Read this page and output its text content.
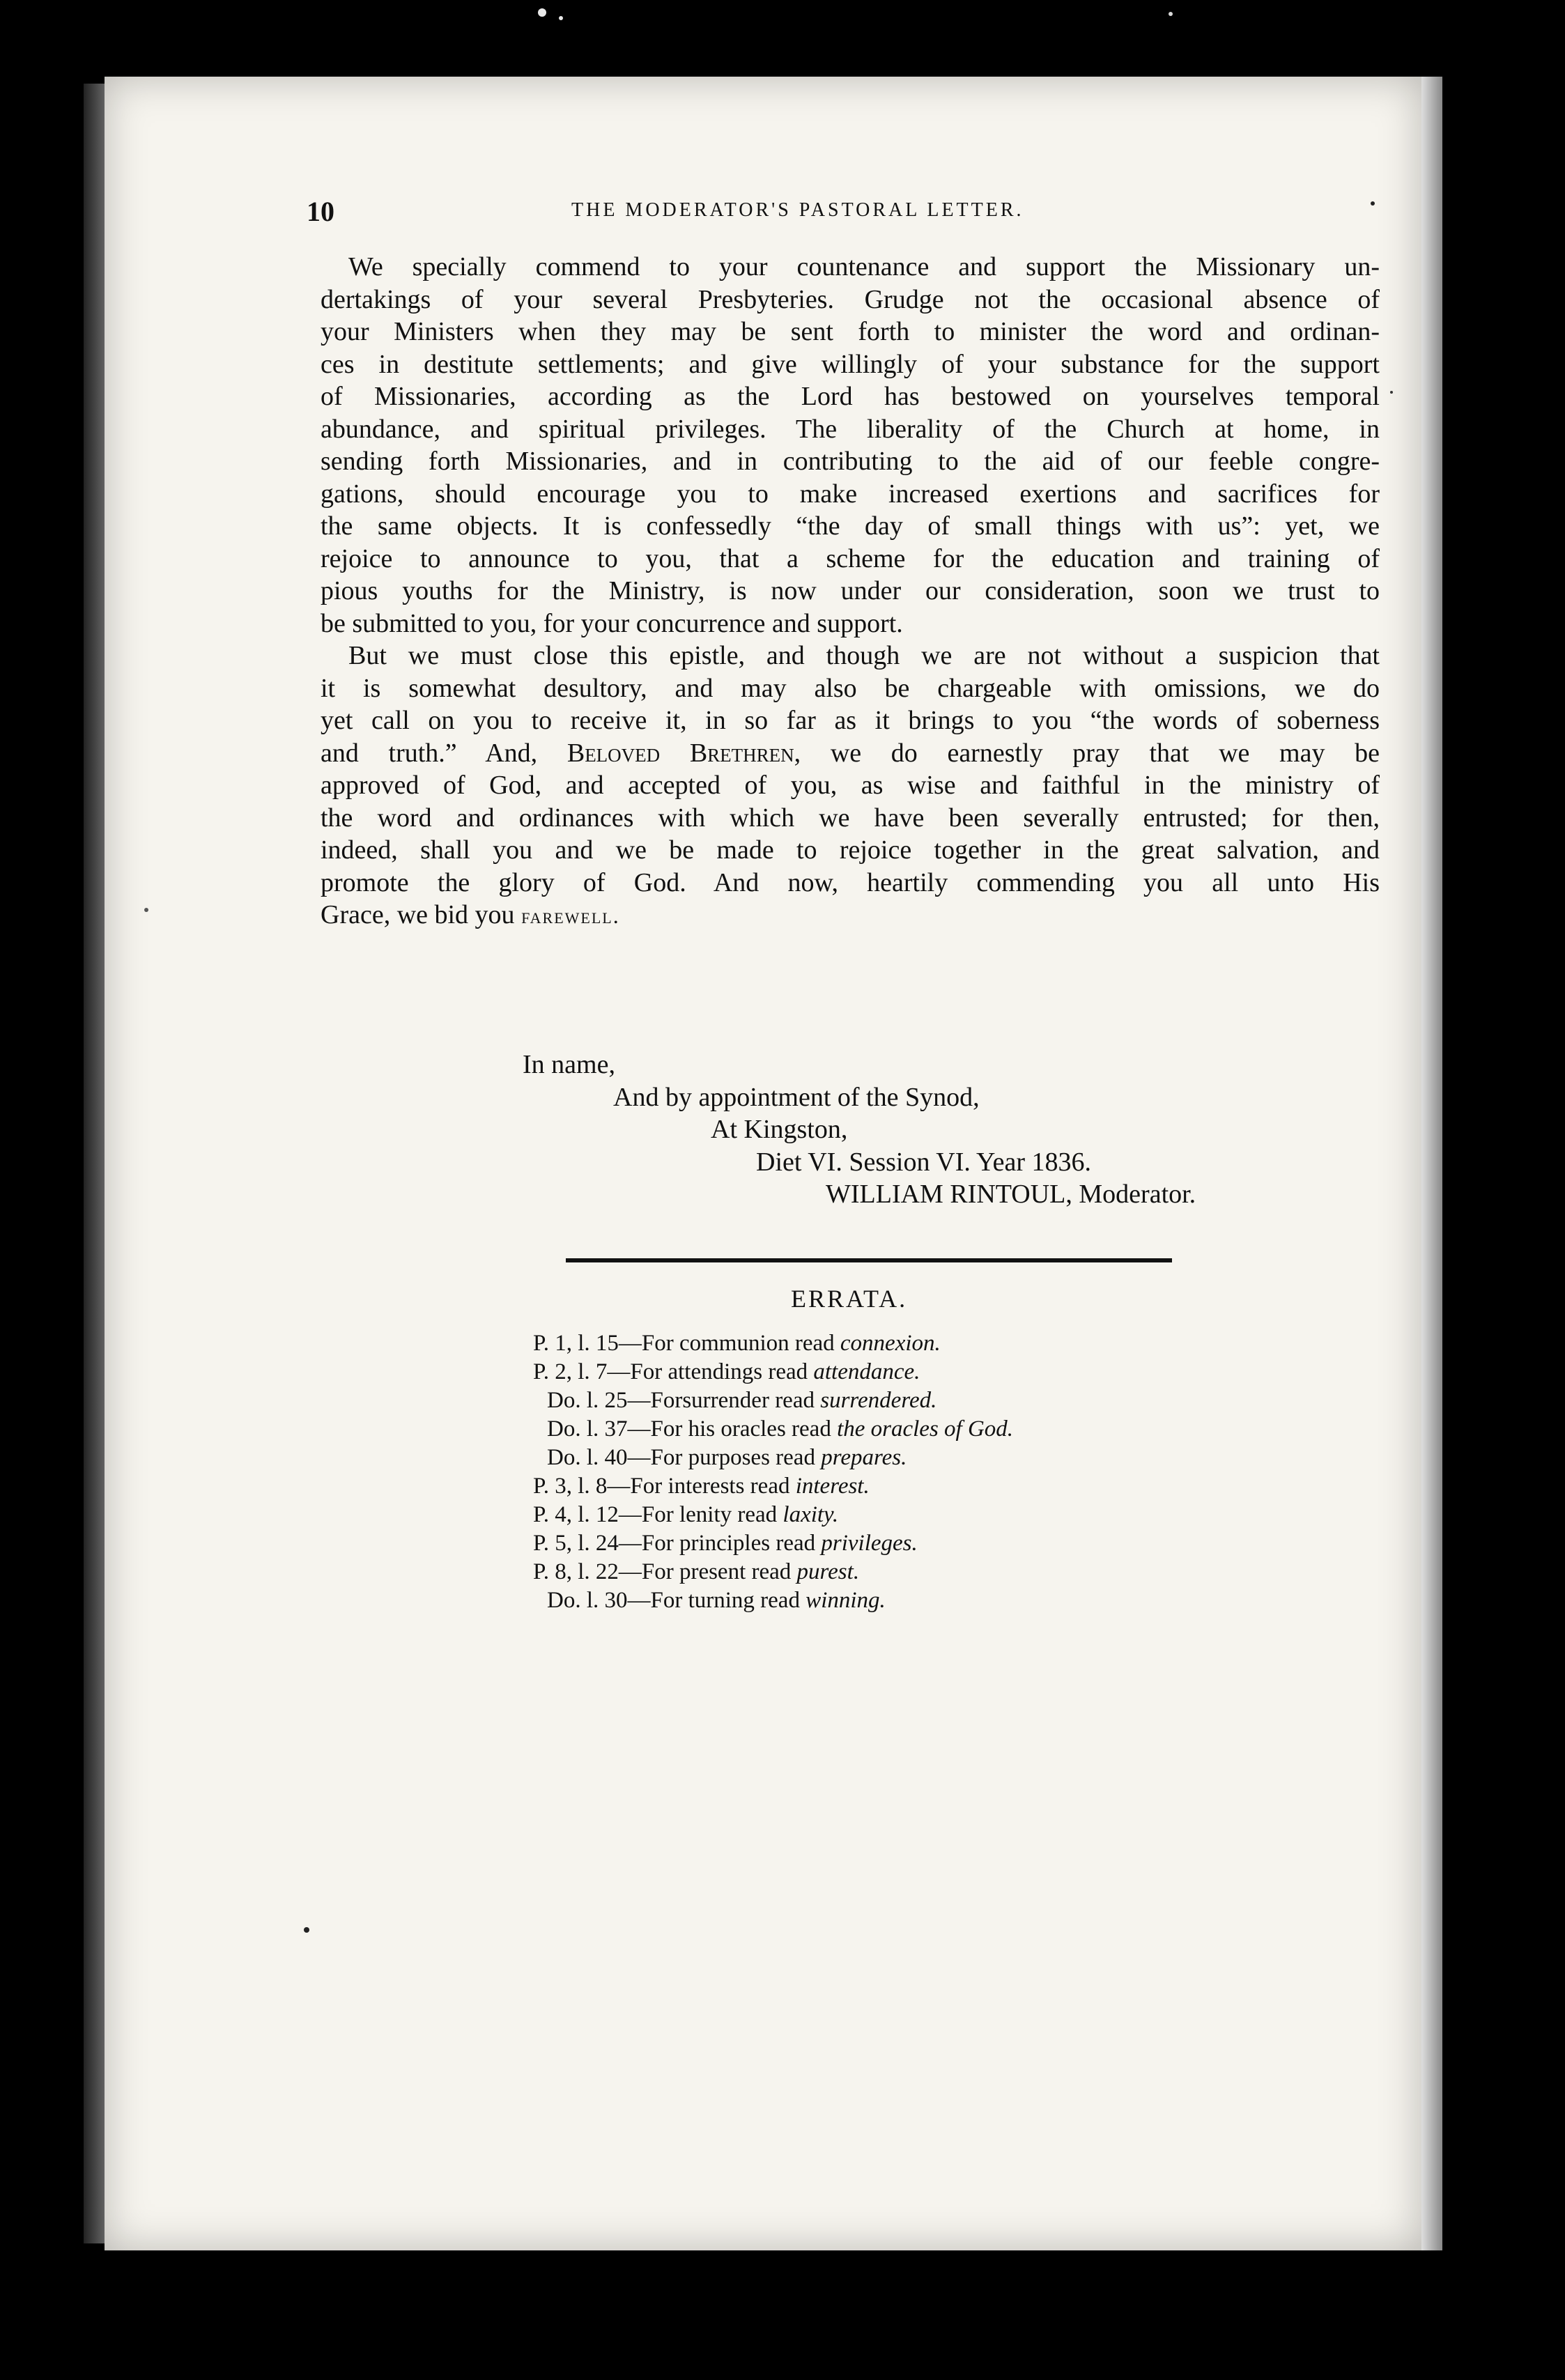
10	THE MODERATOR'S PASTORAL LETTER.
We specially commend to your countenance and support the Missionary un-
dertakings of your several Presbyteries. Grudge not the occasional absence of
your Ministers when they may be sent forth to minister the word and ordinan-
ces in destitute settlements; and give willingly of your substance for the support
of Missionaries, according as the Lord has bestowed on yourselves temporal
abundance, and spiritual privileges. The liberality of the Church at home, in
sending forth Missionaries, and in contributing to the aid of our feeble congre-
gations, should encourage you to make increased exertions and sacrifices for
the same objects. It is confessedly “the day of small things with us”: yet, we
rejoice to announce to you, that a scheme for the education and training of
pious youths for the Ministry, is now under our consideration, soon we trust to
be submitted to you, for your concurrence and support.
But we must close this epistle, and though we are not without a suspicion that
it is somewhat desultory, and may also be chargeable with omissions, we do
yet call on you to receive it, in so far as it brings to you “the words of soberness
and truth.” And, Beloved Brethren, we do earnestly pray that we may be
approved of God, and accepted of you, as wise and faithful in the ministry of
the word and ordinances with which we have been severally entrusted; for then,
indeed, shall you and we be made to rejoice together in the great salvation, and
promote the glory of God. And now, heartily commending you all unto His
Grace, we bid you farewell.
In name,
And by appointment of the Synod,
At Kingston,
Diet VI. Session VI. Year 1836.
WILLIAM RINTOUL, Moderator.
ERRATA.
P. 1, l. 15—For communion read connexion.
P. 2, l. 7—For attendings read attendance.
Do. l. 25—Forsurrender read surrendered.
Do. l. 37—For his oracles read the oracles of God.
Do. l. 40—For purposes read prepares.
P. 3, l. 8—For interests read interest.
P. 4, l. 12—For lenity read laxity.
P. 5, l. 24—For principles read privileges.
P. 8, l. 22—For present read purest.
Do. l. 30—For turning read winning.
